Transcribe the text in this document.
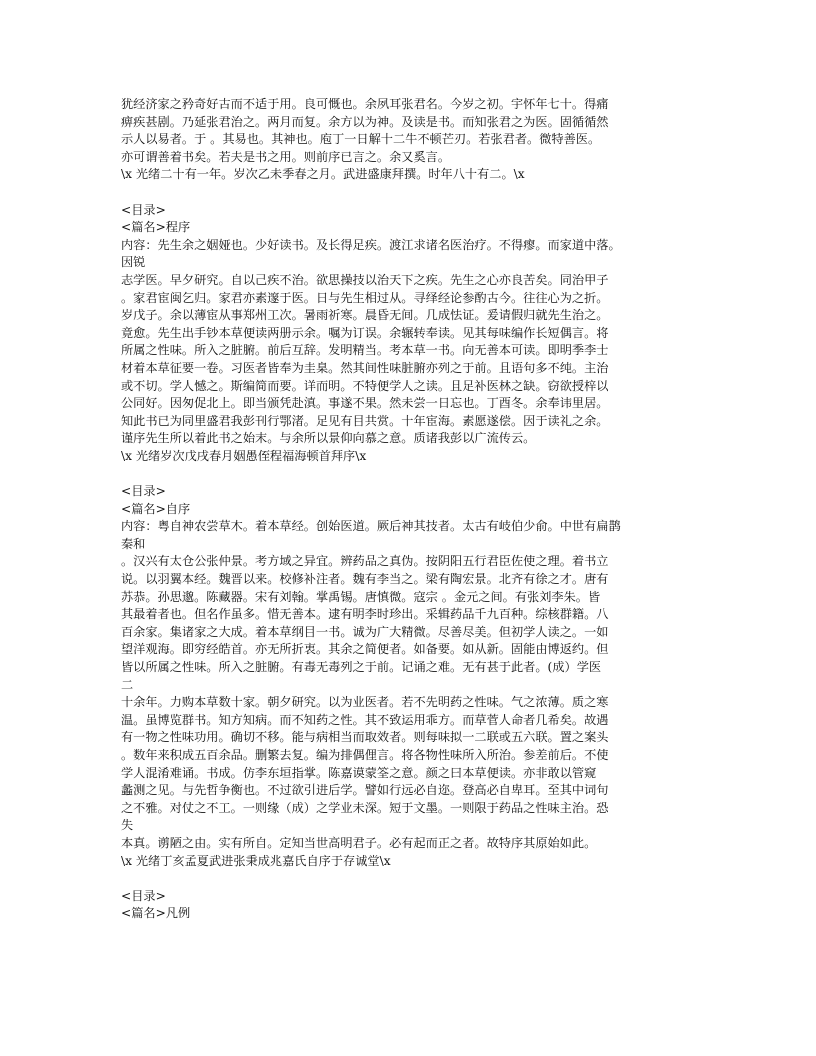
犹经济家之矜奇好古而不适于用。良可慨也。余夙耳张君名。今岁之初。宇怀年七十。得痛
痹疾甚剧。乃延张君治之。两月而复。余方以为神。及读是书。而知张君之为医。固循循然
示人以易者。于 。其易也。其神也。庖丁一日解十二牛不顿芒刃。若张君者。微特善医。
亦可谓善着书矣。若夫是书之用。则前序已言之。余又奚言。
\x 光绪二十有一年。岁次乙未季春之月。武进盛康拜撰。时年八十有二。\x
<目录>
<篇名>程序
内容：先生余之姻娅也。少好读书。及长得足疾。渡江求诸名医治疗。不得瘳。而家道中落。
因锐
志学医。早夕研究。自以己疾不治。欲思操技以治天下之疾。先生之心亦良苦矣。同治甲子
。家君宦闽乞归。家君亦素邃于医。日与先生相过从。寻绎经论参酌古今。往往心为之折。
岁戊子。余以薄宦从事郑州工次。暑雨祈寒。晨昏无间。几成怯证。爰请假归就先生治之。
竟愈。先生出手钞本草便读两册示余。嘱为订误。余辗转奉读。见其每味编作长短偶言。将
所属之性味。所入之脏腑。前后互辞。发明精当。考本草一书。向无善本可读。即明季李士
材着本草征要一卷。习医者皆奉为圭臬。然其间性味脏腑亦列之于前。且语句多不纯。主治
或不切。学人憾之。斯编简而要。详而明。不特便学人之读。且足补医林之缺。窃欲授梓以
公同好。因匆促北上。即当颁凭赴滇。事遂不果。然未尝一日忘也。丁酉冬。余奉讳里居。
知此书已为同里盛君我彭刊行鄂渚。足见有目共赏。十年宦海。素愿遂偿。因于读礼之余。
谨序先生所以着此书之始末。与余所以景仰向慕之意。质诸我彭以广流传云。
\x 光绪岁次戊戌春月姻愚侄程福海顿首拜序\x
<目录>
<篇名>自序
内容：粤自神农尝草木。着本草经。创始医道。厥后神其技者。太古有岐伯少俞。中世有扁鹊
秦和
。汉兴有太仓公张仲景。考方域之异宜。辨药品之真伪。按阴阳五行君臣佐使之理。着书立
说。以羽翼本经。魏晋以来。校修补注者。魏有李当之。梁有陶宏景。北齐有徐之才。唐有
苏恭。孙思邈。陈藏器。宋有刘翰。掌禹锡。唐慎微。寇宗 。金元之间。有张刘李朱。皆
其最着者也。但名作虽多。惜无善本。逮有明李时珍出。采辑药品千九百种。综核群籍。八
百余家。集诸家之大成。着本草纲目一书。诚为广大精微。尽善尽美。但初学人读之。一如
望洋观海。即穷经皓首。亦无所折衷。其余之简便者。如备要。如从新。固能由博返约。但
皆以所属之性味。所入之脏腑。有毒无毒列之于前。记诵之难。无有甚于此者。(成）学医
二
十余年。力购本草数十家。朝夕研究。以为业医者。若不先明药之性味。气之浓薄。质之寒
温。虽博览群书。知方知病。而不知药之性。其不致运用乖方。而草菅人命者几希矣。故遇
有一物之性味功用。确切不移。能与病相当而取效者。则每味拟一二联或五六联。置之案头
。数年来积成五百余品。删繁去复。编为排偶俚言。将各物性味所入所治。参差前后。不使
学人混淆难诵。书成。仿李东垣指掌。陈嘉谟蒙筌之意。颜之曰本草便读。亦非敢以管窥
蠡测之见。与先哲争衡也。不过欲引进后学。譬如行远必自迩。登高必自卑耳。至其中词句
之不雅。对仗之不工。一则缘（成）之学业未深。短于文墨。一则限于药品之性味主治。恐
失
本真。谫陋之由。实有所自。定知当世高明君子。必有起而正之者。故特序其原始如此。
\x 光绪丁亥孟夏武进张秉成兆嘉氏自序于存诚堂\x
<目录>
<篇名>凡例
